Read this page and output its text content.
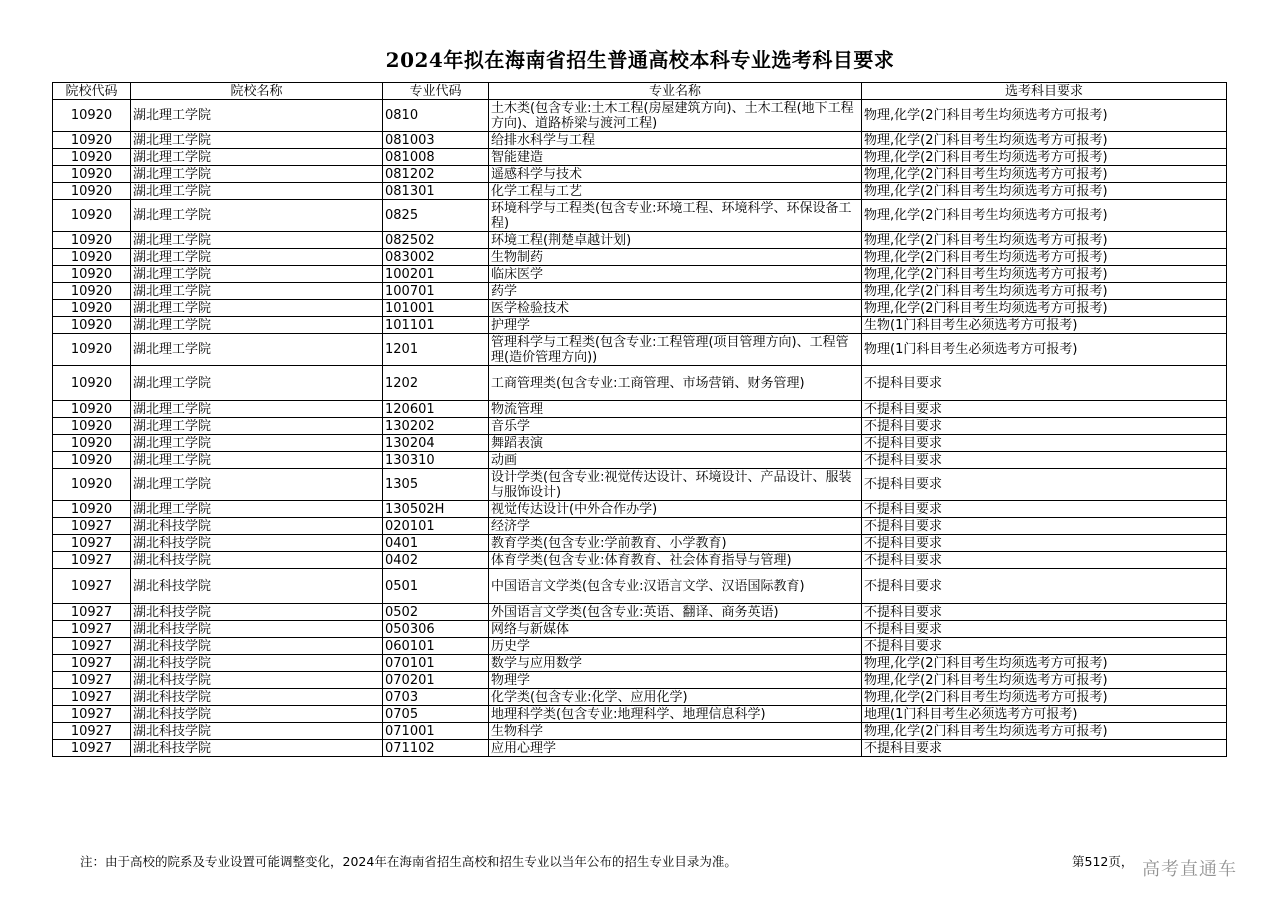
2024年拟在海南省招生普通高校本科专业选考科目要求
院校代码	院校名称	专业代码	专业名称	选考科目要求
10920	湖北理工学院	0810	土木类(包含专业:土木工程(房屋建筑方向)、土木工程(地下工程方向)、道路桥梁与渡河工程)	物理,化学(2门科目考生均须选考方可报考)
10920	湖北理工学院	081003	给排水科学与工程	物理,化学(2门科目考生均须选考方可报考)
10920	湖北理工学院	081008	智能建造	物理,化学(2门科目考生均须选考方可报考)
10920	湖北理工学院	081202	遥感科学与技术	物理,化学(2门科目考生均须选考方可报考)
10920	湖北理工学院	081301	化学工程与工艺	物理,化学(2门科目考生均须选考方可报考)
10920	湖北理工学院	0825	环境科学与工程类(包含专业:环境工程、环境科学、环保设备工程)	物理,化学(2门科目考生均须选考方可报考)
10920	湖北理工学院	082502	环境工程(荆楚卓越计划)	物理,化学(2门科目考生均须选考方可报考)
10920	湖北理工学院	083002	生物制药	物理,化学(2门科目考生均须选考方可报考)
10920	湖北理工学院	100201	临床医学	物理,化学(2门科目考生均须选考方可报考)
10920	湖北理工学院	100701	药学	物理,化学(2门科目考生均须选考方可报考)
10920	湖北理工学院	101001	医学检验技术	物理,化学(2门科目考生均须选考方可报考)
10920	湖北理工学院	101101	护理学	生物(1门科目考生必须选考方可报考)
10920	湖北理工学院	1201	管理科学与工程类(包含专业:工程管理(项目管理方向)、工程管理(造价管理方向))	物理(1门科目考生必须选考方可报考)
10920	湖北理工学院	1202	工商管理类(包含专业:工商管理、市场营销、财务管理)	不提科目要求
10920	湖北理工学院	120601	物流管理	不提科目要求
10920	湖北理工学院	130202	音乐学	不提科目要求
10920	湖北理工学院	130204	舞蹈表演	不提科目要求
10920	湖北理工学院	130310	动画	不提科目要求
10920	湖北理工学院	1305	设计学类(包含专业:视觉传达设计、环境设计、产品设计、服装与服饰设计)	不提科目要求
10920	湖北理工学院	130502H	视觉传达设计(中外合作办学)	不提科目要求
10927	湖北科技学院	020101	经济学	不提科目要求
10927	湖北科技学院	0401	教育学类(包含专业:学前教育、小学教育)	不提科目要求
10927	湖北科技学院	0402	体育学类(包含专业:体育教育、社会体育指导与管理)	不提科目要求
10927	湖北科技学院	0501	中国语言文学类(包含专业:汉语言文学、汉语国际教育)	不提科目要求
10927	湖北科技学院	0502	外国语言文学类(包含专业:英语、翻译、商务英语)	不提科目要求
10927	湖北科技学院	050306	网络与新媒体	不提科目要求
10927	湖北科技学院	060101	历史学	不提科目要求
10927	湖北科技学院	070101	数学与应用数学	物理,化学(2门科目考生均须选考方可报考)
10927	湖北科技学院	070201	物理学	物理,化学(2门科目考生均须选考方可报考)
10927	湖北科技学院	0703	化学类(包含专业:化学、应用化学)	物理,化学(2门科目考生均须选考方可报考)
10927	湖北科技学院	0705	地理科学类(包含专业:地理科学、地理信息科学)	地理(1门科目考生必须选考方可报考)
10927	湖北科技学院	071001	生物科学	物理,化学(2门科目考生均须选考方可报考)
10927	湖北科技学院	071102	应用心理学	不提科目要求
注：由于高校的院系及专业设置可能调整变化，2024年在海南省招生高校和招生专业以当年公布的招生专业目录为准。	第512页， 高考直通车
